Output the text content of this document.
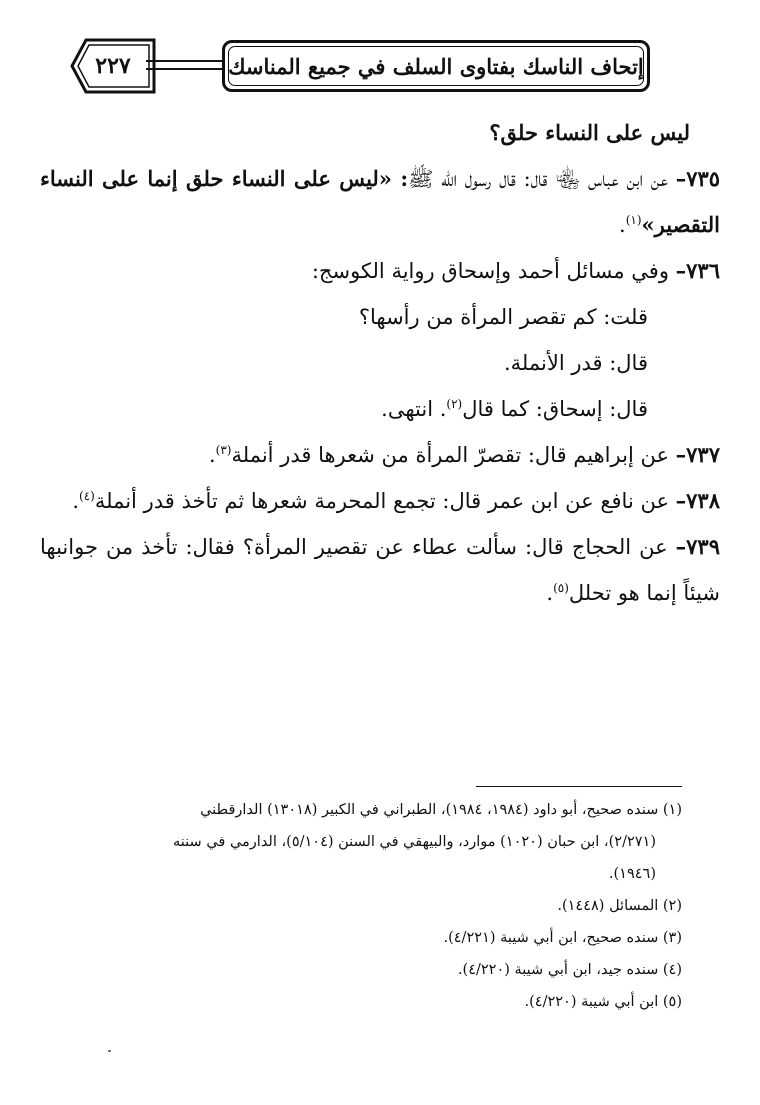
٢٢٧	إتحاف الناسك بفتاوى السلف في جميع المناسك

ليس على النساء حلق؟

٧٣٥– عن ابن عباس ﵄ قال: قال رسول الله ﷺ: «ليس على النساء حلق إنما على النساء التقصير»$^{(١)}$.

٧٣٦– وفي مسائل أحمد وإسحاق رواية الكوسج:

قلت: كم تقصر المرأة من رأسها؟

قال: قدر الأنملة.

قال: إسحاق: كما قال$^{(٢)}$. انتهى.

٧٣٧– عن إبراهيم قال: تقصرّ المرأة من شعرها قدر أنملة$^{(٣)}$.

٧٣٨– عن نافع عن ابن عمر قال: تجمع المحرمة شعرها ثم تأخذ قدر أنملة$^{(٤)}$.

٧٣٩– عن الحجاج قال: سألت عطاء عن تقصير المرأة؟ فقال: تأخذ من جوانبها شيئاً إنما هو تحلل$^{(٥)}$.

(١) سنده صحيح، أبو داود (١٩٨٤، ١٩٨٤)، الطبراني في الكبير (١٣٠١٨) الدارقطني

(٢/٢٧١)، ابن حبان (١٠٢٠) موارد، والبيهقي في السنن (٥/١٠٤)، الدارمي في سننه

(١٩٤٦).

(٢) المسائل (١٤٤٨).

(٣) سنده صحيح، ابن أبي شيبة (٤/٢٢١).

(٤) سنده جيد، ابن أبي شيبة (٤/٢٢٠).

(٥) ابن أبي شيبة (٤/٢٢٠).
